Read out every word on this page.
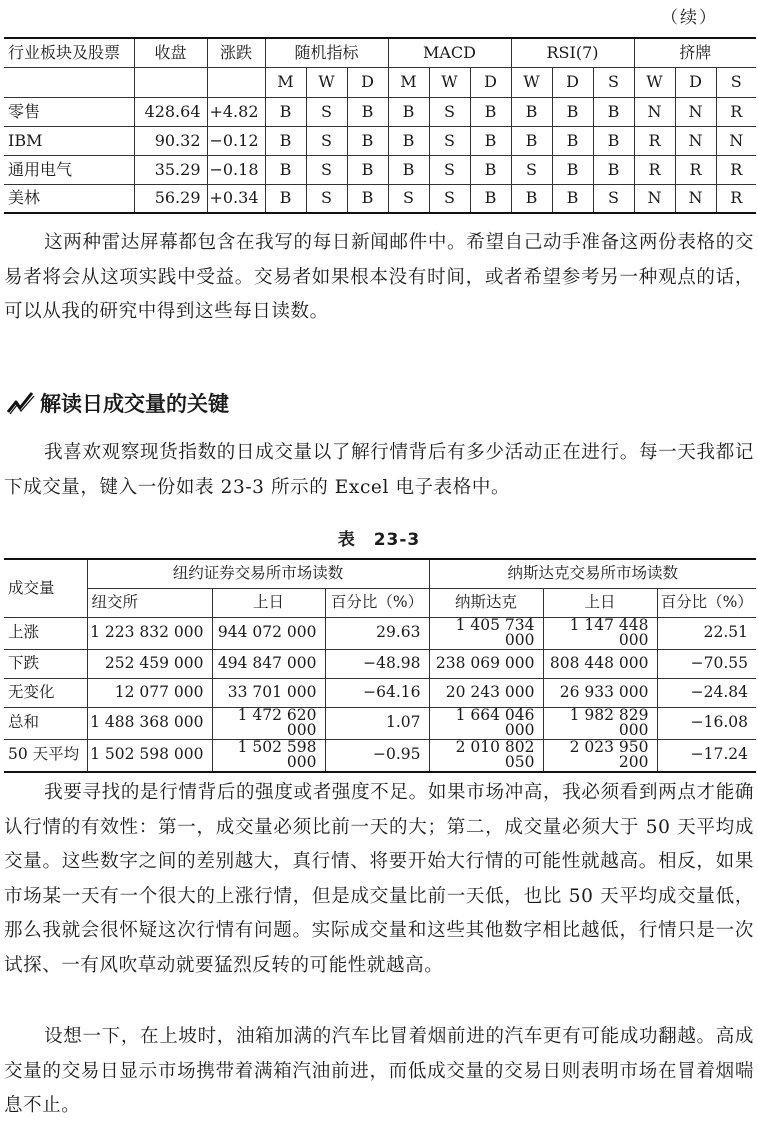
（续）
行业板块及股票	收盘	涨跌	随机指标			MACD			RSI(7)			挤牌		
			M	W	D	M	W	D	W	D	S	W	D	S
零售	428.64	+4.82	B	S	B	B	S	B	B	B	B	N	N	R
IBM	90.32	−0.12	B	S	B	B	S	B	B	B	B	R	N	N
通用电气	35.29	−0.18	B	S	B	B	S	B	S	B	B	R	R	R
美林	56.29	+0.34	B	S	B	S	S	B	B	B	S	N	N	R

这两种雷达屏幕都包含在我写的每日新闻邮件中。希望自己动手准备这两份表格的交易者将会从这项实践中受益。交易者如果根本没有时间，或者希望参考另一种观点的话，可以从我的研究中得到这些每日读数。

解读日成交量的关键

我喜欢观察现货指数的日成交量以了解行情背后有多少活动正在进行。每一天我都记下成交量，键入一份如表 23-3 所示的 Excel 电子表格中。

表　23-3
成交量	纽约证券交易所市场读数			纳斯达克交易所市场读数		
	纽交所	上日	百分比（%）	纳斯达克	上日	百分比（%）
上涨	1 223 832 000	944 072 000	29.63	1 405 734 000	1 147 448 000	22.51
下跌	252 459 000	494 847 000	−48.98	238 069 000	808 448 000	−70.55
无变化	12 077 000	33 701 000	−64.16	20 243 000	26 933 000	−24.84
总和	1 488 368 000	1 472 620 000	1.07	1 664 046 000	1 982 829 000	−16.08
50 天平均	1 502 598 000	1 502 598 000	−0.95	2 010 802 050	2 023 950 200	−17.24

我要寻找的是行情背后的强度或者强度不足。如果市场冲高，我必须看到两点才能确认行情的有效性：第一，成交量必须比前一天的大；第二，成交量必须大于 50 天平均成交量。这些数字之间的差别越大，真行情、将要开始大行情的可能性就越高。相反，如果市场某一天有一个很大的上涨行情，但是成交量比前一天低，也比 50 天平均成交量低，那么我就会很怀疑这次行情有问题。实际成交量和这些其他数字相比越低，行情只是一次试探、一有风吹草动就要猛烈反转的可能性就越高。

设想一下，在上坡时，油箱加满的汽车比冒着烟前进的汽车更有可能成功翻越。高成交量的交易日显示市场携带着满箱汽油前进，而低成交量的交易日则表明市场在冒着烟喘息不止。
